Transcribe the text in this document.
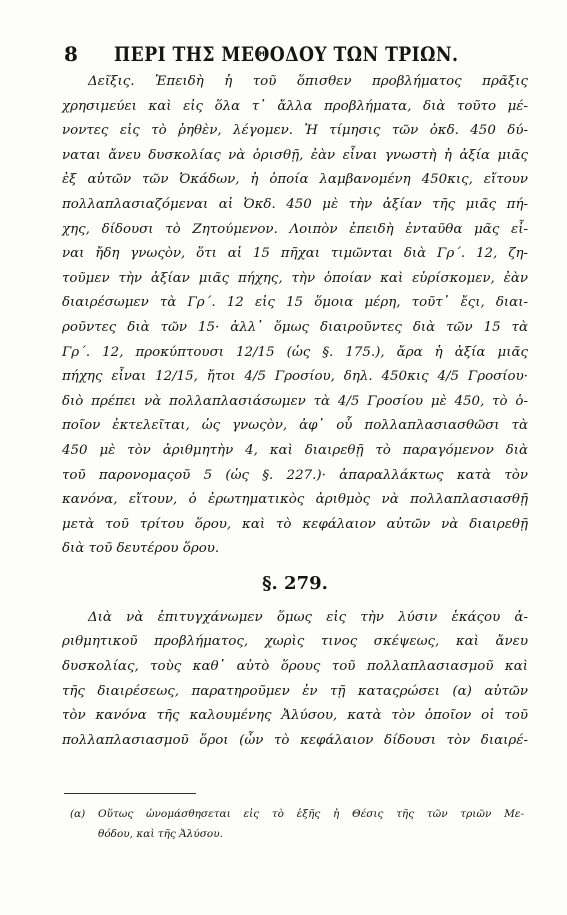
8 ΠΕΡΙ ΤΗΣ ΜΕΘΟΔΟΥ ΤΩΝ ΤΡΙΩΝ.
Δεῖξις. Ἐπειδὴ ἡ τοῦ ὅπισθεν προβλήματος πρᾶξις
χρησιμεύει καὶ εἰς ὅλα τ᾽ ἄλλα προβλήματα, διὰ τοῦτο μέ-
νοντες εἰς τὸ ῥηθὲν, λέγομεν. Ἡ τίμησις τῶν ὀκδ. 450 δύ-
ναται ἄνευ δυσκολίας νὰ ὁρισθῇ, ἐὰν εἶναι γνωστὴ ἡ ἀξία μιᾶς
ἐξ αὐτῶν τῶν Ὀκάδων, ἡ ὁποία λαμβανομένη 450κις, εἴτουν
πολλαπλασιαζόμεναι αἱ Ὀκδ. 450 μὲ τὴν ἀξίαν τῆς μιᾶς πή-
χης, δίδουσι τὸ Ζητούμενον. Λοιπὸν ἐπειδὴ ἐνταῦθα μᾶς εἶ-
ναι ἤδη γνωςὸν, ὅτι αἱ 15 πῆχαι τιμῶνται διὰ Γρ΄. 12, ζη-
τοῦμεν τὴν ἀξίαν μιᾶς πήχης, τὴν ὁποίαν καὶ εὑρίσκομεν, ἐὰν
διαιρέσωμεν τὰ Γρ΄. 12 εἰς 15 ὅμοια μέρη, τοῦτ᾽ ἔςι, διαι-
ροῦντες διὰ τῶν 15· ἀλλ᾽ ὅμως διαιροῦντες διὰ τῶν 15 τὰ
Γρ΄. 12, προκύπτουσι 12/15 (ὡς §. 175.), ἄρα ἡ ἀξία μιᾶς
πήχης εἶναι 12/15, ἤτοι 4/5 Γροσίου, δηλ. 450κις 4/5 Γροσίου·
διὸ πρέπει νὰ πολλαπλασιάσωμεν τὰ 4/5 Γροσίου μὲ 450, τὸ ὁ-
ποῖον ἐκτελεῖται, ὡς γνωςὸν, ἀφ᾽ οὗ πολλαπλασιασθῶσι τὰ
450 μὲ τὸν ἀριθμητὴν 4, καὶ διαιρεθῇ τὸ παραγόμενον διὰ
τοῦ παρονομαςοῦ 5 (ὡς §. 227.)· ἀπαραλλάκτως κατὰ τὸν
κανόνα, εἴτουν, ὁ ἐρωτηματικὸς ἀριθμὸς νὰ πολλαπλασιασθῇ
μετὰ τοῦ τρίτου ὅρου, καὶ τὸ κεφάλαιον αὐτῶν νὰ διαιρεθῇ
διὰ τοῦ δευτέρου ὅρου.
§. 279.
Διὰ νὰ ἐπιτυγχάνωμεν ὅμως εἰς τὴν λύσιν ἑκάςου ἀ-
ριθμητικοῦ προβλήματος, χωρὶς τινος σκέψεως, καὶ ἄνευ
δυσκολίας, τοὺς καθ᾽ αὐτὸ ὅρους τοῦ πολλαπλασιασμοῦ καὶ
τῆς διαιρέσεως, παρατηροῦμεν ἐν τῇ καταςρώσει (α) αὐτῶν
τὸν κανόνα τῆς καλουμένης Ἀλύσου, κατὰ τὸν ὁποῖον οἱ τοῦ
πολλαπλασιασμοῦ ὅροι (ὧν τὸ κεφάλαιον δίδουσι τὸν διαιρέ-
(α) Οὕτως ὠνομάσθησεται εἰς τὸ ἑξῆς ἡ Θέσις τῆς τῶν τριῶν Με-
θόδου, καὶ τῆς Ἀλύσου.
